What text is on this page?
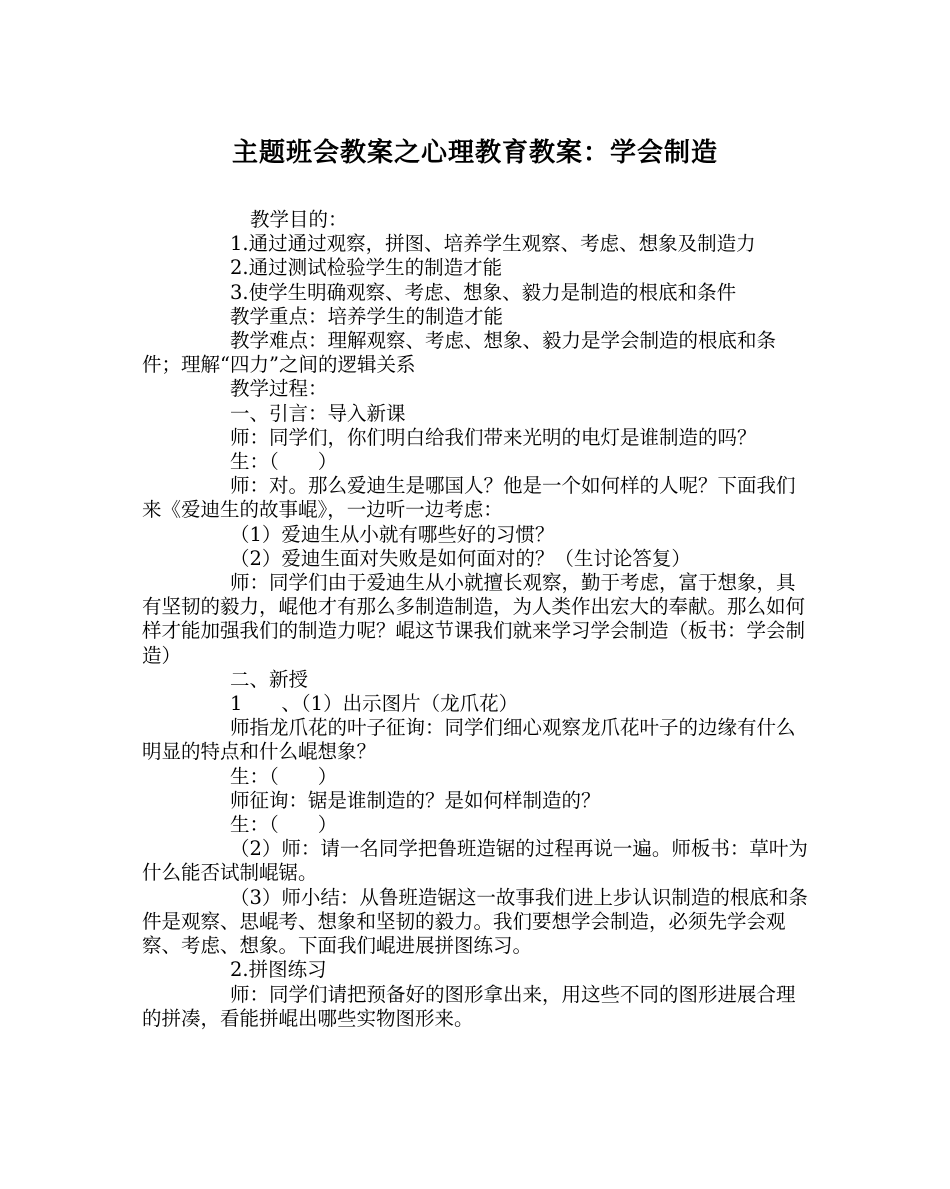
主题班会教案之心理教育教案：学会制造

教学目的：

1.通过通过观察，拼图、培养学生观察、考虑、想象及制造力

2.通过测试检验学生的制造才能

3.使学生明确观察、考虑、想象、毅力是制造的根底和条件

教学重点：培养学生的制造才能

教学难点：理解观察、考虑、想象、毅力是学会制造的根底和条件；理解“四力”之间的逻辑关系

教学过程：

一、引言：导入新课

师：同学们，你们明白给我们带来光明的电灯是谁制造的吗？

生：（　　）

师：对。那么爱迪生是哪国人？他是一个如何样的人呢？下面我们来《爱迪生的故事崐》，一边听一边考虑：

（1）爱迪生从小就有哪些好的习惯？

（2）爱迪生面对失败是如何面对的？（生讨论答复）

师：同学们由于爱迪生从小就擅长观察，勤于考虑，富于想象，具有坚韧的毅力，崐他才有那么多制造制造，为人类作出宏大的奉献。那么如何样才能加强我们的制造力呢？崐这节课我们就来学习学会制造（板书：学会制造）

二、新授

1　　、（1）出示图片（龙爪花）

师指龙爪花的叶子征询：同学们细心观察龙爪花叶子的边缘有什么明显的特点和什么崐想象？

生：（　　）

师征询：锯是谁制造的？是如何样制造的？

生：（　　）

（2）师：请一名同学把鲁班造锯的过程再说一遍。师板书：草叶为什么能否试制崐锯。

（3）师小结：从鲁班造锯这一故事我们进上步认识制造的根底和条件是观察、思崐考、想象和坚韧的毅力。我们要想学会制造，必须先学会观察、考虑、想象。下面我们崐进展拼图练习。

2.拼图练习

师：同学们请把预备好的图形拿出来，用这些不同的图形进展合理的拼凑，看能拼崐出哪些实物图形来。
